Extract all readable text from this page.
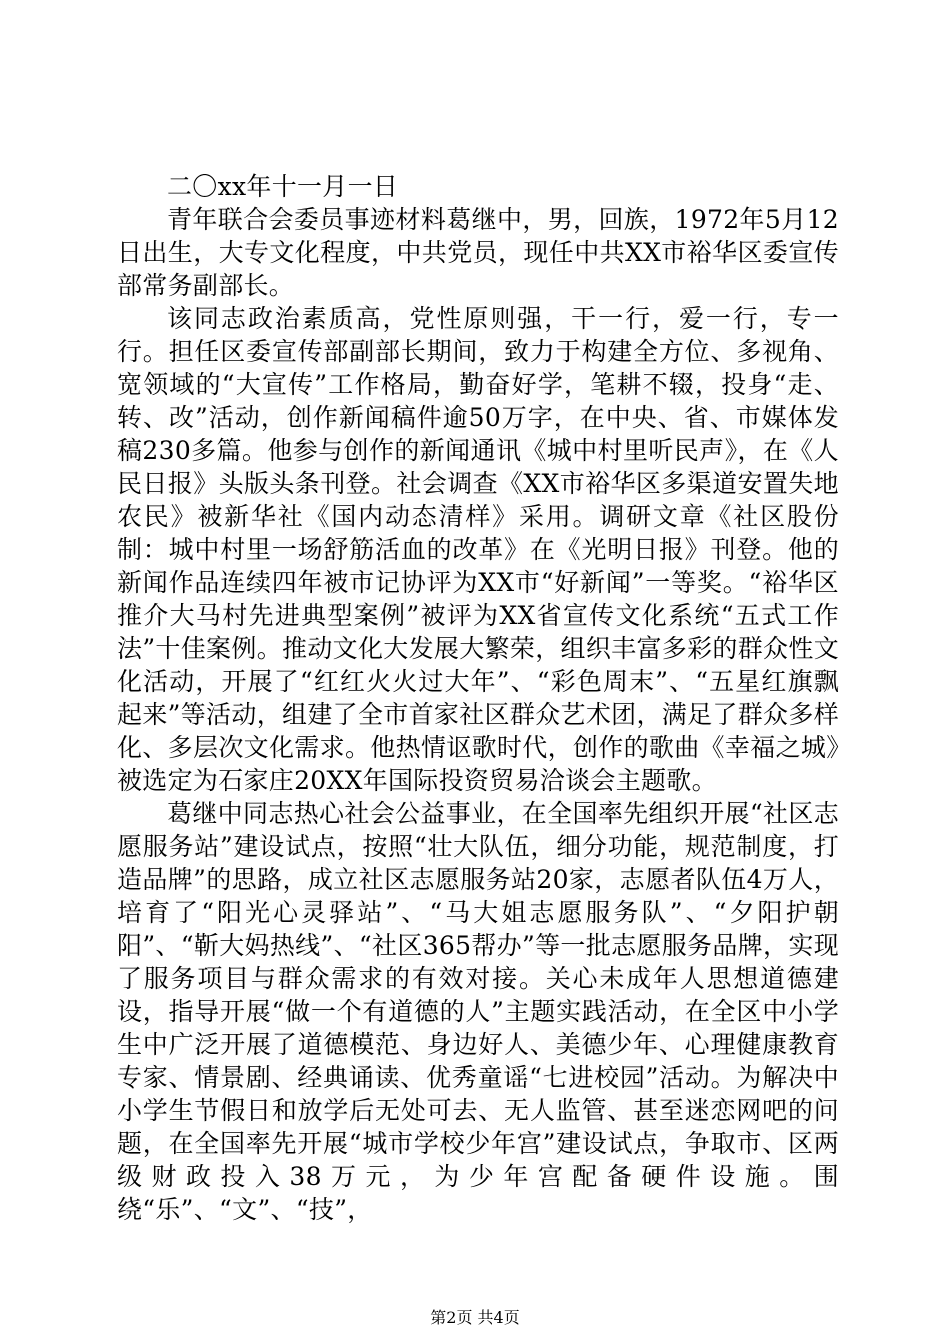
二〇xx年十一月一日

青年联合会委员事迹材料葛继中，男，回族，1972年5月12日出生，大专文化程度，中共党员，现任中共XX市裕华区委宣传部常务副部长。

该同志政治素质高，党性原则强，干一行，爱一行，专一行。担任区委宣传部副部长期间，致力于构建全方位、多视角、宽领域的“大宣传”工作格局，勤奋好学，笔耕不辍，投身“走、转、改”活动，创作新闻稿件逾50万字，在中央、省、市媒体发稿230多篇。他参与创作的新闻通讯《城中村里听民声》，在《人民日报》头版头条刊登。社会调查《XX市裕华区多渠道安置失地农民》被新华社《国内动态清样》采用。调研文章《社区股份制：城中村里一场舒筋活血的改革》在《光明日报》刊登。他的新闻作品连续四年被市记协评为XX市“好新闻”一等奖。“裕华区推介大马村先进典型案例”被评为XX省宣传文化系统“五式工作法”十佳案例。推动文化大发展大繁荣，组织丰富多彩的群众性文化活动，开展了“红红火火过大年”、“彩色周末”、“五星红旗飘起来”等活动，组建了全市首家社区群众艺术团，满足了群众多样化、多层次文化需求。他热情讴歌时代，创作的歌曲《幸福之城》被选定为石家庄20XX年国际投资贸易洽谈会主题歌。

葛继中同志热心社会公益事业，在全国率先组织开展“社区志愿服务站”建设试点，按照“壮大队伍，细分功能，规范制度，打造品牌”的思路，成立社区志愿服务站20家，志愿者队伍4万人，培育了“阳光心灵驿站”、“马大姐志愿服务队”、“夕阳护朝阳”、“靳大妈热线”、“社区365帮办”等一批志愿服务品牌，实现了服务项目与群众需求的有效对接。关心未成年人思想道德建设，指导开展“做一个有道德的人”主题实践活动，在全区中小学生中广泛开展了道德模范、身边好人、美德少年、心理健康教育专家、情景剧、经典诵读、优秀童谣“七进校园”活动。为解决中小学生节假日和放学后无处可去、无人监管、甚至迷恋网吧的问题，在全国率先开展“城市学校少年宫”建设试点，争取市、区两级财政投入38万元，为少年宫配备硬件设施。围绕“乐”、“文”、“技”，

第2页 共4页
